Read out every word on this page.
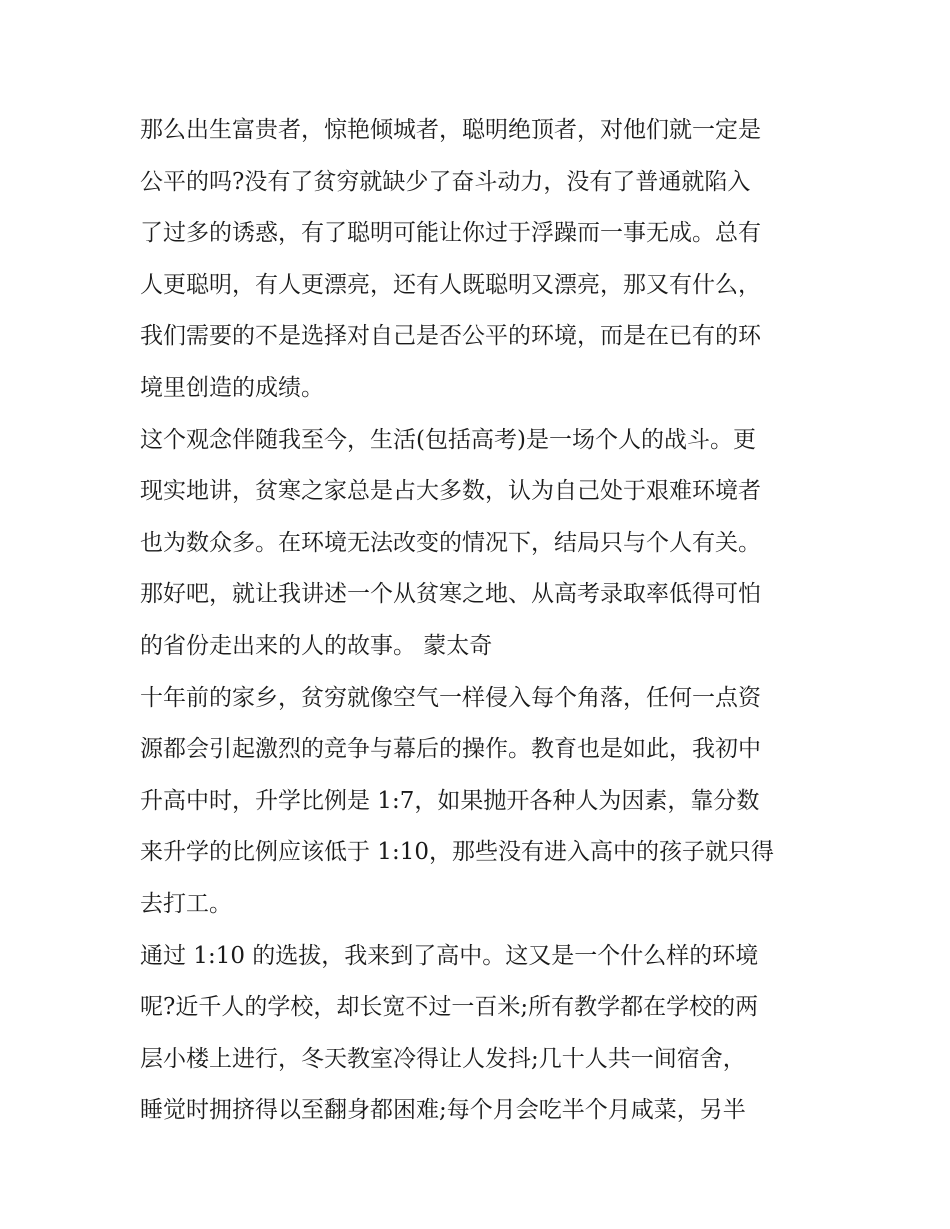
那么出生富贵者，惊艳倾城者，聪明绝顶者，对他们就一定是
公平的吗?没有了贫穷就缺少了奋斗动力，没有了普通就陷入
了过多的诱惑，有了聪明可能让你过于浮躁而一事无成。总有
人更聪明，有人更漂亮，还有人既聪明又漂亮，那又有什么，
我们需要的不是选择对自己是否公平的环境，而是在已有的环
境里创造的成绩。
这个观念伴随我至今，生活(包括高考)是一场个人的战斗。更
现实地讲，贫寒之家总是占大多数，认为自己处于艰难环境者
也为数众多。在环境无法改变的情况下，结局只与个人有关。
那好吧，就让我讲述一个从贫寒之地、从高考录取率低得可怕
的省份走出来的人的故事。 蒙太奇
十年前的家乡，贫穷就像空气一样侵入每个角落，任何一点资
源都会引起激烈的竞争与幕后的操作。教育也是如此，我初中
升高中时，升学比例是 1:7，如果抛开各种人为因素，靠分数
来升学的比例应该低于 1:10，那些没有进入高中的孩子就只得
去打工。
通过 1:10 的选拔，我来到了高中。这又是一个什么样的环境
呢?近千人的学校，却长宽不过一百米;所有教学都在学校的两
层小楼上进行，冬天教室冷得让人发抖;几十人共一间宿舍，
睡觉时拥挤得以至翻身都困难;每个月会吃半个月咸菜，另半
